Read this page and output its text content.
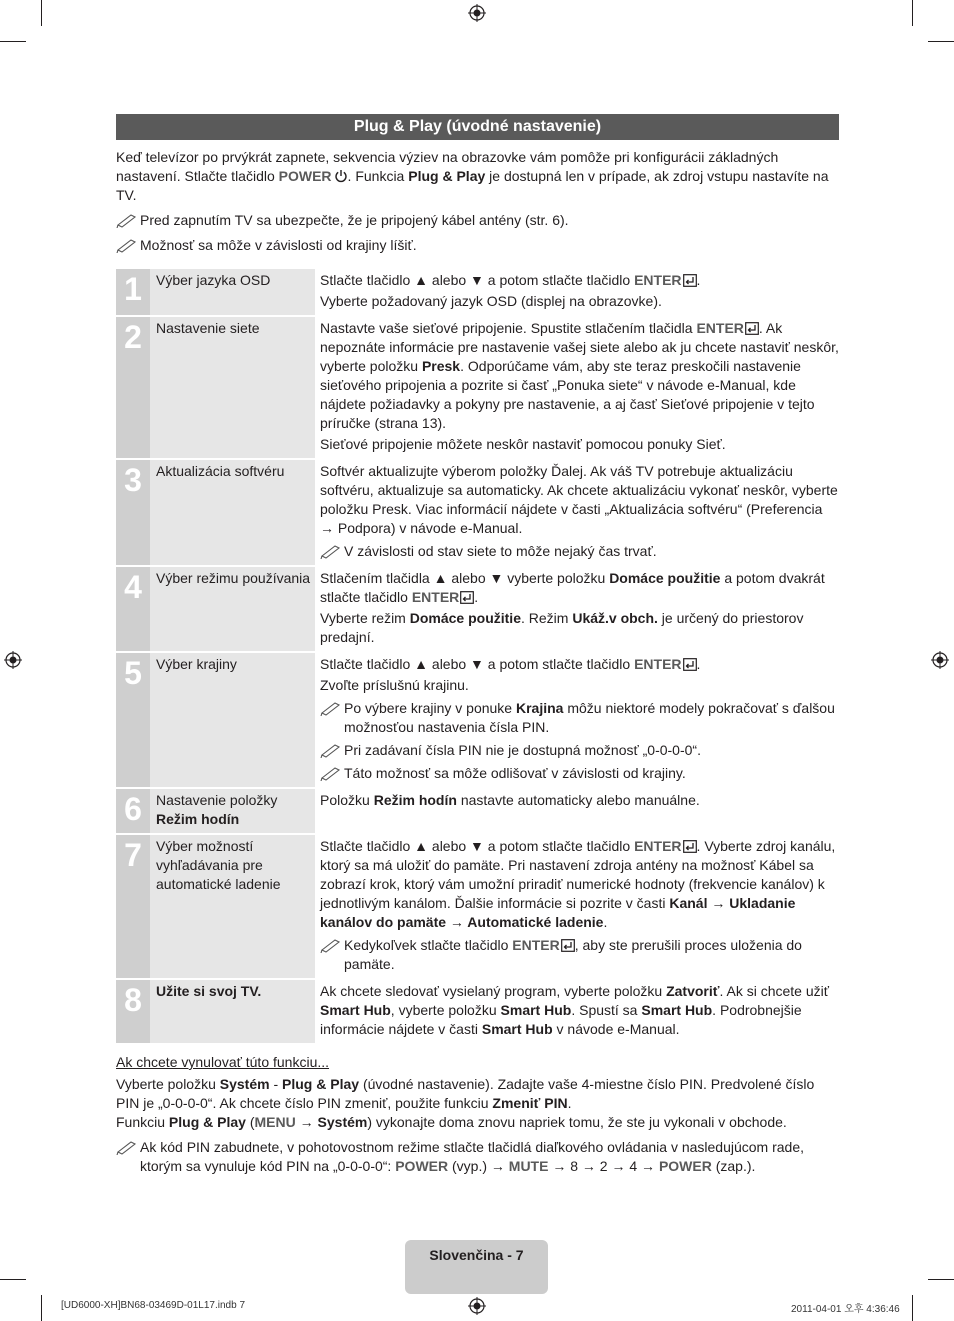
Plug & Play (úvodné nastavenie)

Keď televízor po prvýkrát zapnete, sekvencia výziev na obrazovke vám pomôže pri konfigurácii základných nastavení. Stlačte tlačidlo POWER . Funkcia Plug & Play je dostupná len v prípade, ak zdroj vstupu nastavíte na TV.

Pred zapnutím TV sa ubezpečte, že je pripojený kábel antény (str. 6).
Možnosť sa môže v závislosti od krajiny líšiť.
1	Výber jazyka OSD	Stlačte tlačidlo ▲ alebo ▼ a potom stlačte tlačidlo ENTER .

Vyberte požadovaný jazyk OSD (displej na obrazovke).

2	Nastavenie siete	Nastavte vaše sieťové pripojenie. Spustite stlačením tlačidla ENTER . Ak nepoznáte informácie pre nastavenie vašej siete alebo ak ju chcete nastaviť neskôr, vyberte položku Presk. Odporúčame vám, aby ste teraz preskočili nastavenie sieťového pripojenia a pozrite si časť „Ponuka siete“ v návode e-Manual, kde nájdete požiadavky a pokyny pre nastavenie, a aj časť Sieťové pripojenie v tejto príručke (strana 13).

Sieťové pripojenie môžete neskôr nastaviť pomocou ponuky Sieť.

3	Aktualizácia softvéru	Softvér aktualizujte výberom položky Ďalej. Ak váš TV potrebuje aktualizáciu softvéru, aktualizuje sa automaticky. Ak chcete aktualizáciu vykonať neskôr, vyberte položku Presk. Viac informácií nájdete v časti „Aktualizácia softvéru“ (Preferencia → Podpora) v návode e-Manual.

V závislosti od stav siete to môže nejaký čas trvať.

4	Výber režimu používania	Stlačením tlačidla ▲ alebo ▼ vyberte položku Domáce použitie a potom dvakrát stlačte tlačidlo ENTER .

Vyberte režim Domáce použitie. Režim Ukáž.v obch. je určený do priestorov predajní.

5	Výber krajiny	Stlačte tlačidlo ▲ alebo ▼ a potom stlačte tlačidlo ENTER .

Zvoľte príslušnú krajinu.

Po výbere krajiny v ponuke Krajina môžu niektoré modely pokračovať s ďalšou možnosťou nastavenia čísla PIN.
Pri zadávaní čísla PIN nie je dostupná možnosť „0-0-0-0“.
Táto možnosť sa môže odlišovať v závislosti od krajiny.

6	Nastavenie položky
Režim hodín	Položku Režim hodín nastavte automaticky alebo manuálne.

7	Výber možností vyhľadávania pre automatické ladenie	Stlačte tlačidlo ▲ alebo ▼ a potom stlačte tlačidlo ENTER . Vyberte zdroj kanálu, ktorý sa má uložiť do pamäte. Pri nastavení zdroja antény na možnosť Kábel sa zobrazí krok, ktorý vám umožní priradiť numerické hodnoty (frekvencie kanálov) k jednotlivým kanálom. Ďalšie informácie si pozrite v časti Kanál → Ukladanie kanálov do pamäte → Automatické ladenie.

Kedykoľvek stlačte tlačidlo ENTER , aby ste prerušili proces uloženia do pamäte.

8	Užite si svoj TV.	Ak chcete sledovať vysielaný program, vyberte položku Zatvoriť. Ak si chcete užiť Smart Hub, vyberte položku Smart Hub. Spustí sa Smart Hub. Podrobnejšie informácie nájdete v časti Smart Hub v návode e-Manual.

Ak chcete vynulovať túto funkciu...

Vyberte položku Systém - Plug & Play (úvodné nastavenie). Zadajte vaše 4-miestne číslo PIN. Predvolené číslo PIN je „0-0-0-0“. Ak chcete číslo PIN zmeniť, použite funkciu Zmeniť PIN.

Funkciu Plug & Play (MENU → Systém) vykonajte doma znovu napriek tomu, že ste ju vykonali v obchode.

Ak kód PIN zabudnete, v pohotovostnom režime stlačte tlačidlá diaľkového ovládania v nasledujúcom rade, ktorým sa vynuluje kód PIN na „0-0-0-0“: POWER (vyp.) → MUTE → 8 → 2 → 4 → POWER (zap.).
Slovenčina - 7
[UD6000-XH]BN68-03469D-01L17.indb 7	2011-04-01 오후 4:36:46
